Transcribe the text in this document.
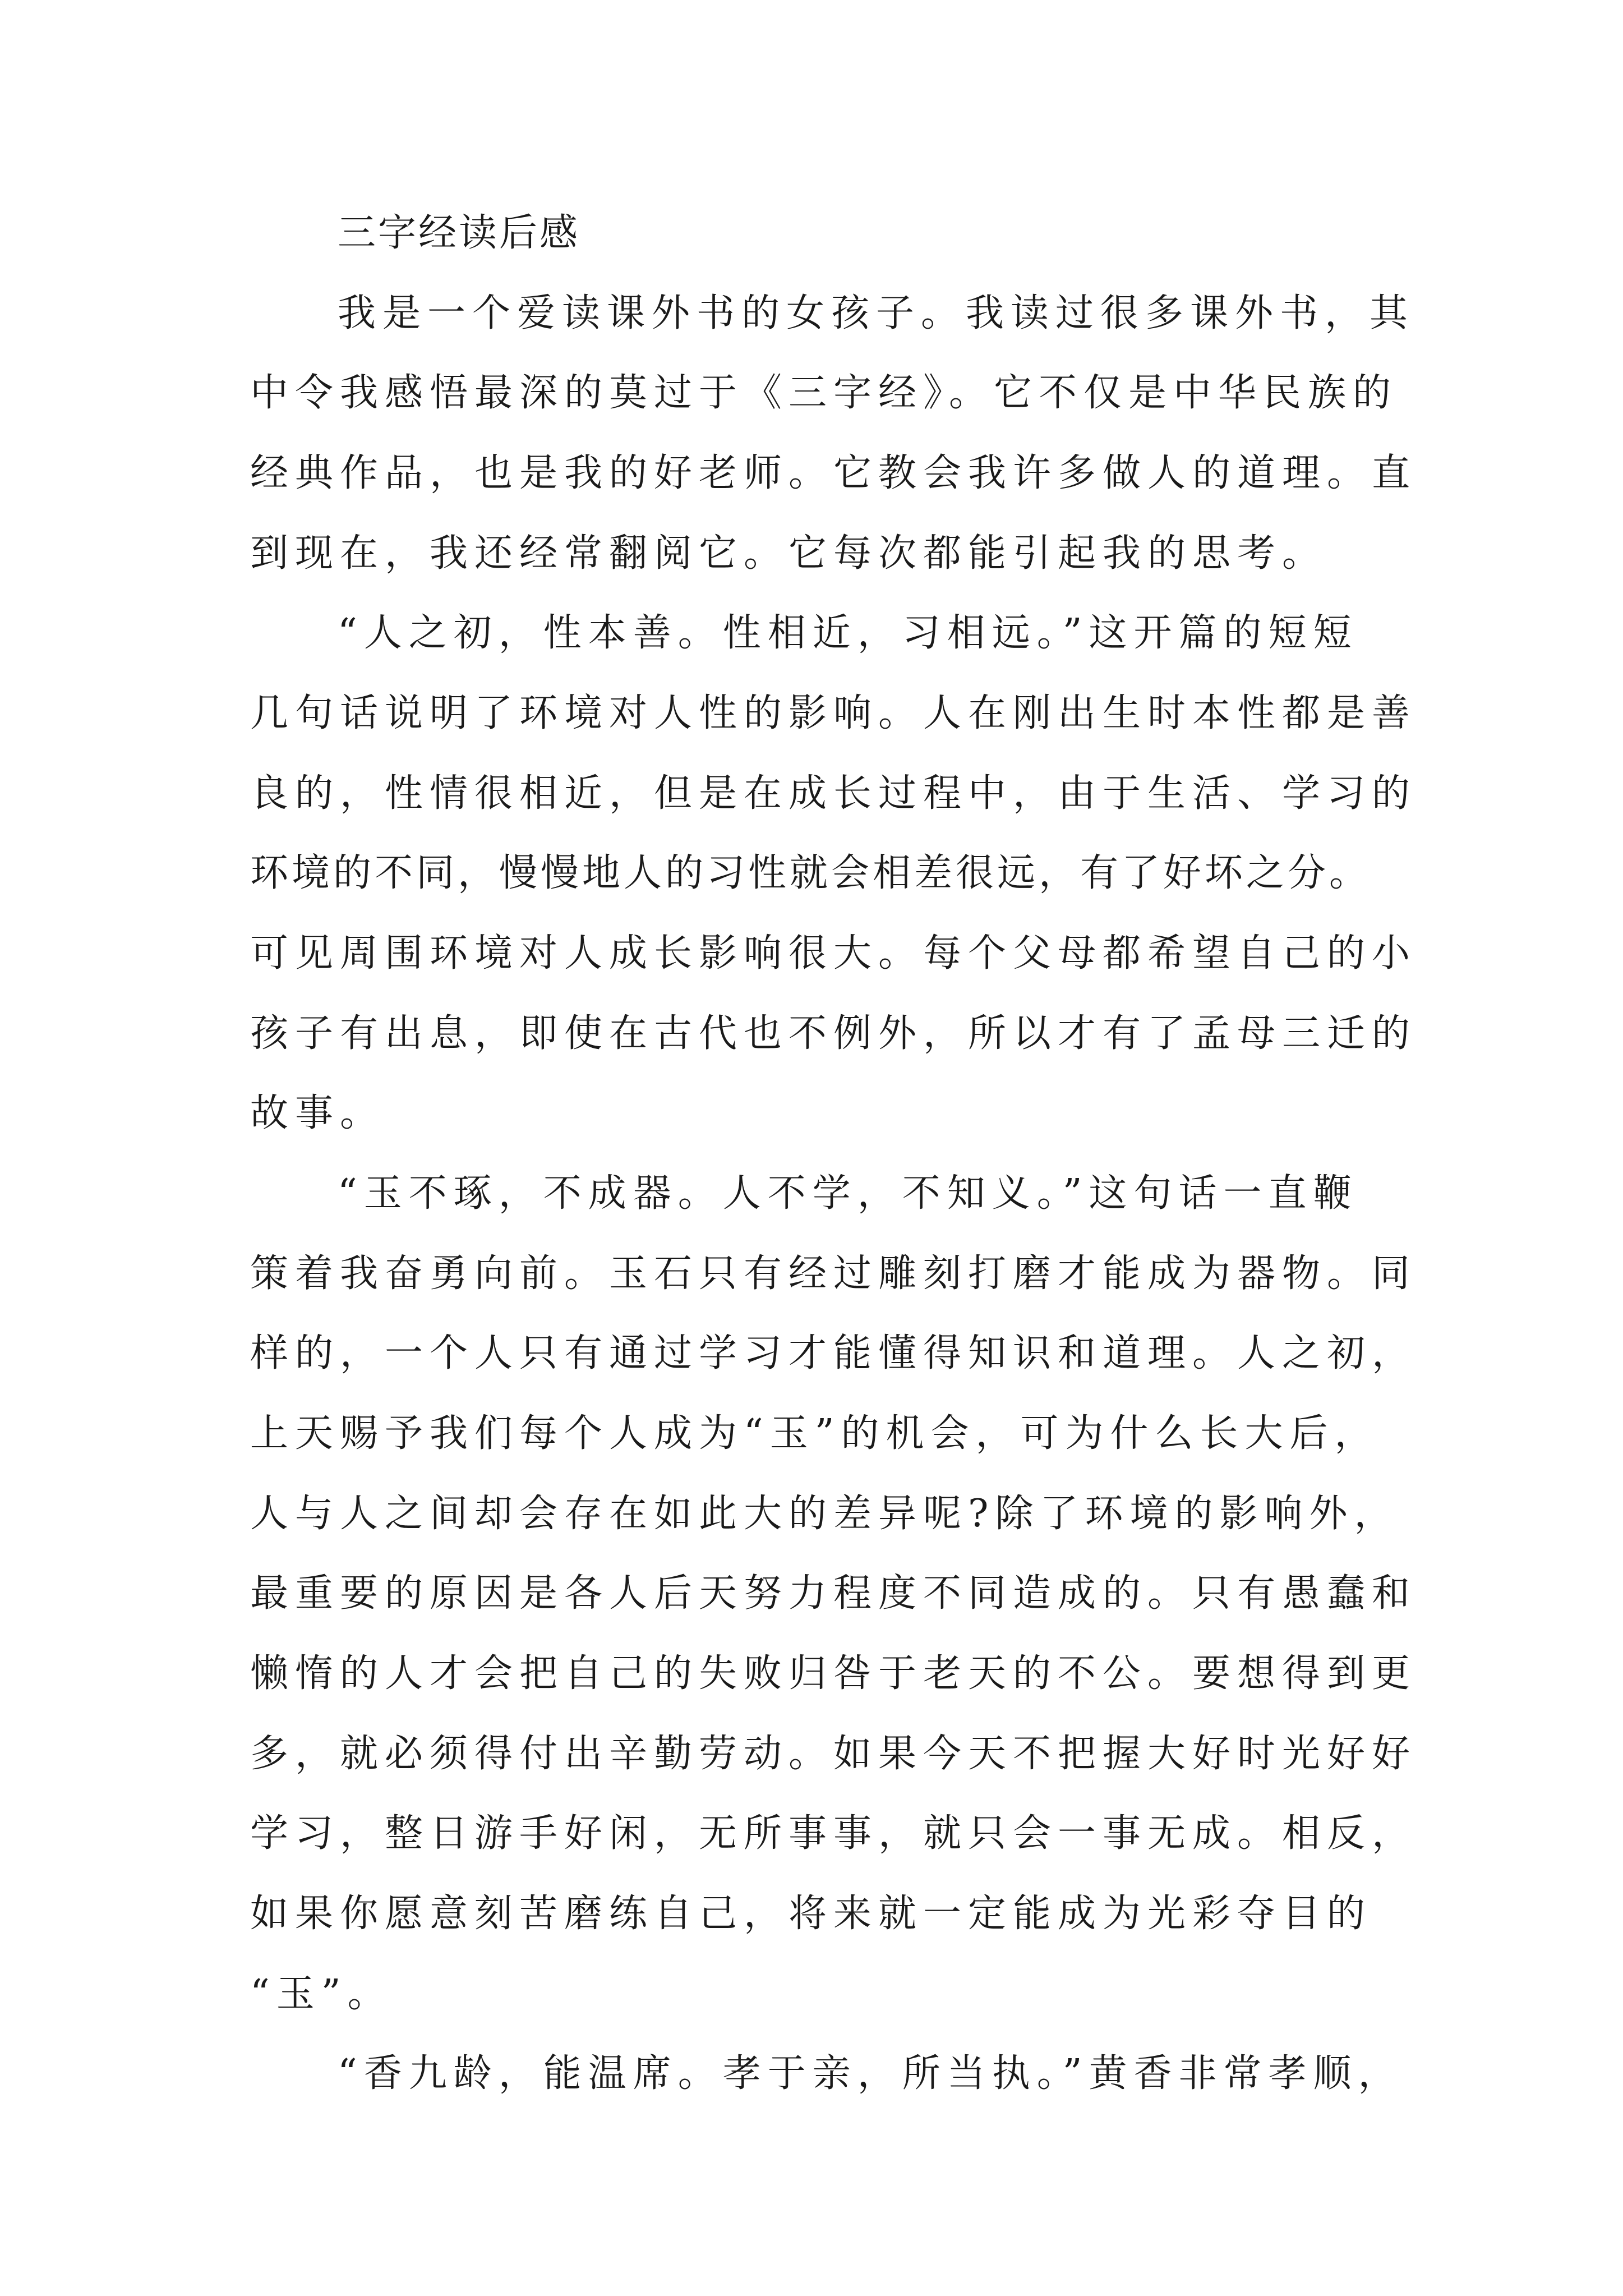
三字经读后感
我是一个爱读课外书的女孩子。我读过很多课外书，其
中令我感悟最深的莫过于《三字经》。它不仅是中华民族的
经典作品，也是我的好老师。它教会我许多做人的道理。直
到现在，我还经常翻阅它。它每次都能引起我的思考。
“人之初，性本善。性相近，习相远。”这开篇的短短
几句话说明了环境对人性的影响。人在刚出生时本性都是善
良的，性情很相近，但是在成长过程中，由于生活、学习的
环境的不同，慢慢地人的习性就会相差很远，有了好坏之分。
可见周围环境对人成长影响很大。每个父母都希望自己的小
孩子有出息，即使在古代也不例外，所以才有了孟母三迁的
故事。
“玉不琢，不成器。人不学，不知义。”这句话一直鞭
策着我奋勇向前。玉石只有经过雕刻打磨才能成为器物。同
样的，一个人只有通过学习才能懂得知识和道理。人之初，
上天赐予我们每个人成为“玉”的机会，可为什么长大后，
人与人之间却会存在如此大的差异呢?除了环境的影响外，
最重要的原因是各人后天努力程度不同造成的。只有愚蠢和
懒惰的人才会把自己的失败归咎于老天的不公。要想得到更
多，就必须得付出辛勤劳动。如果今天不把握大好时光好好
学习，整日游手好闲，无所事事，就只会一事无成。相反，
如果你愿意刻苦磨练自己，将来就一定能成为光彩夺目的
“玉”。
“香九龄，能温席。孝于亲，所当执。”黄香非常孝顺，
